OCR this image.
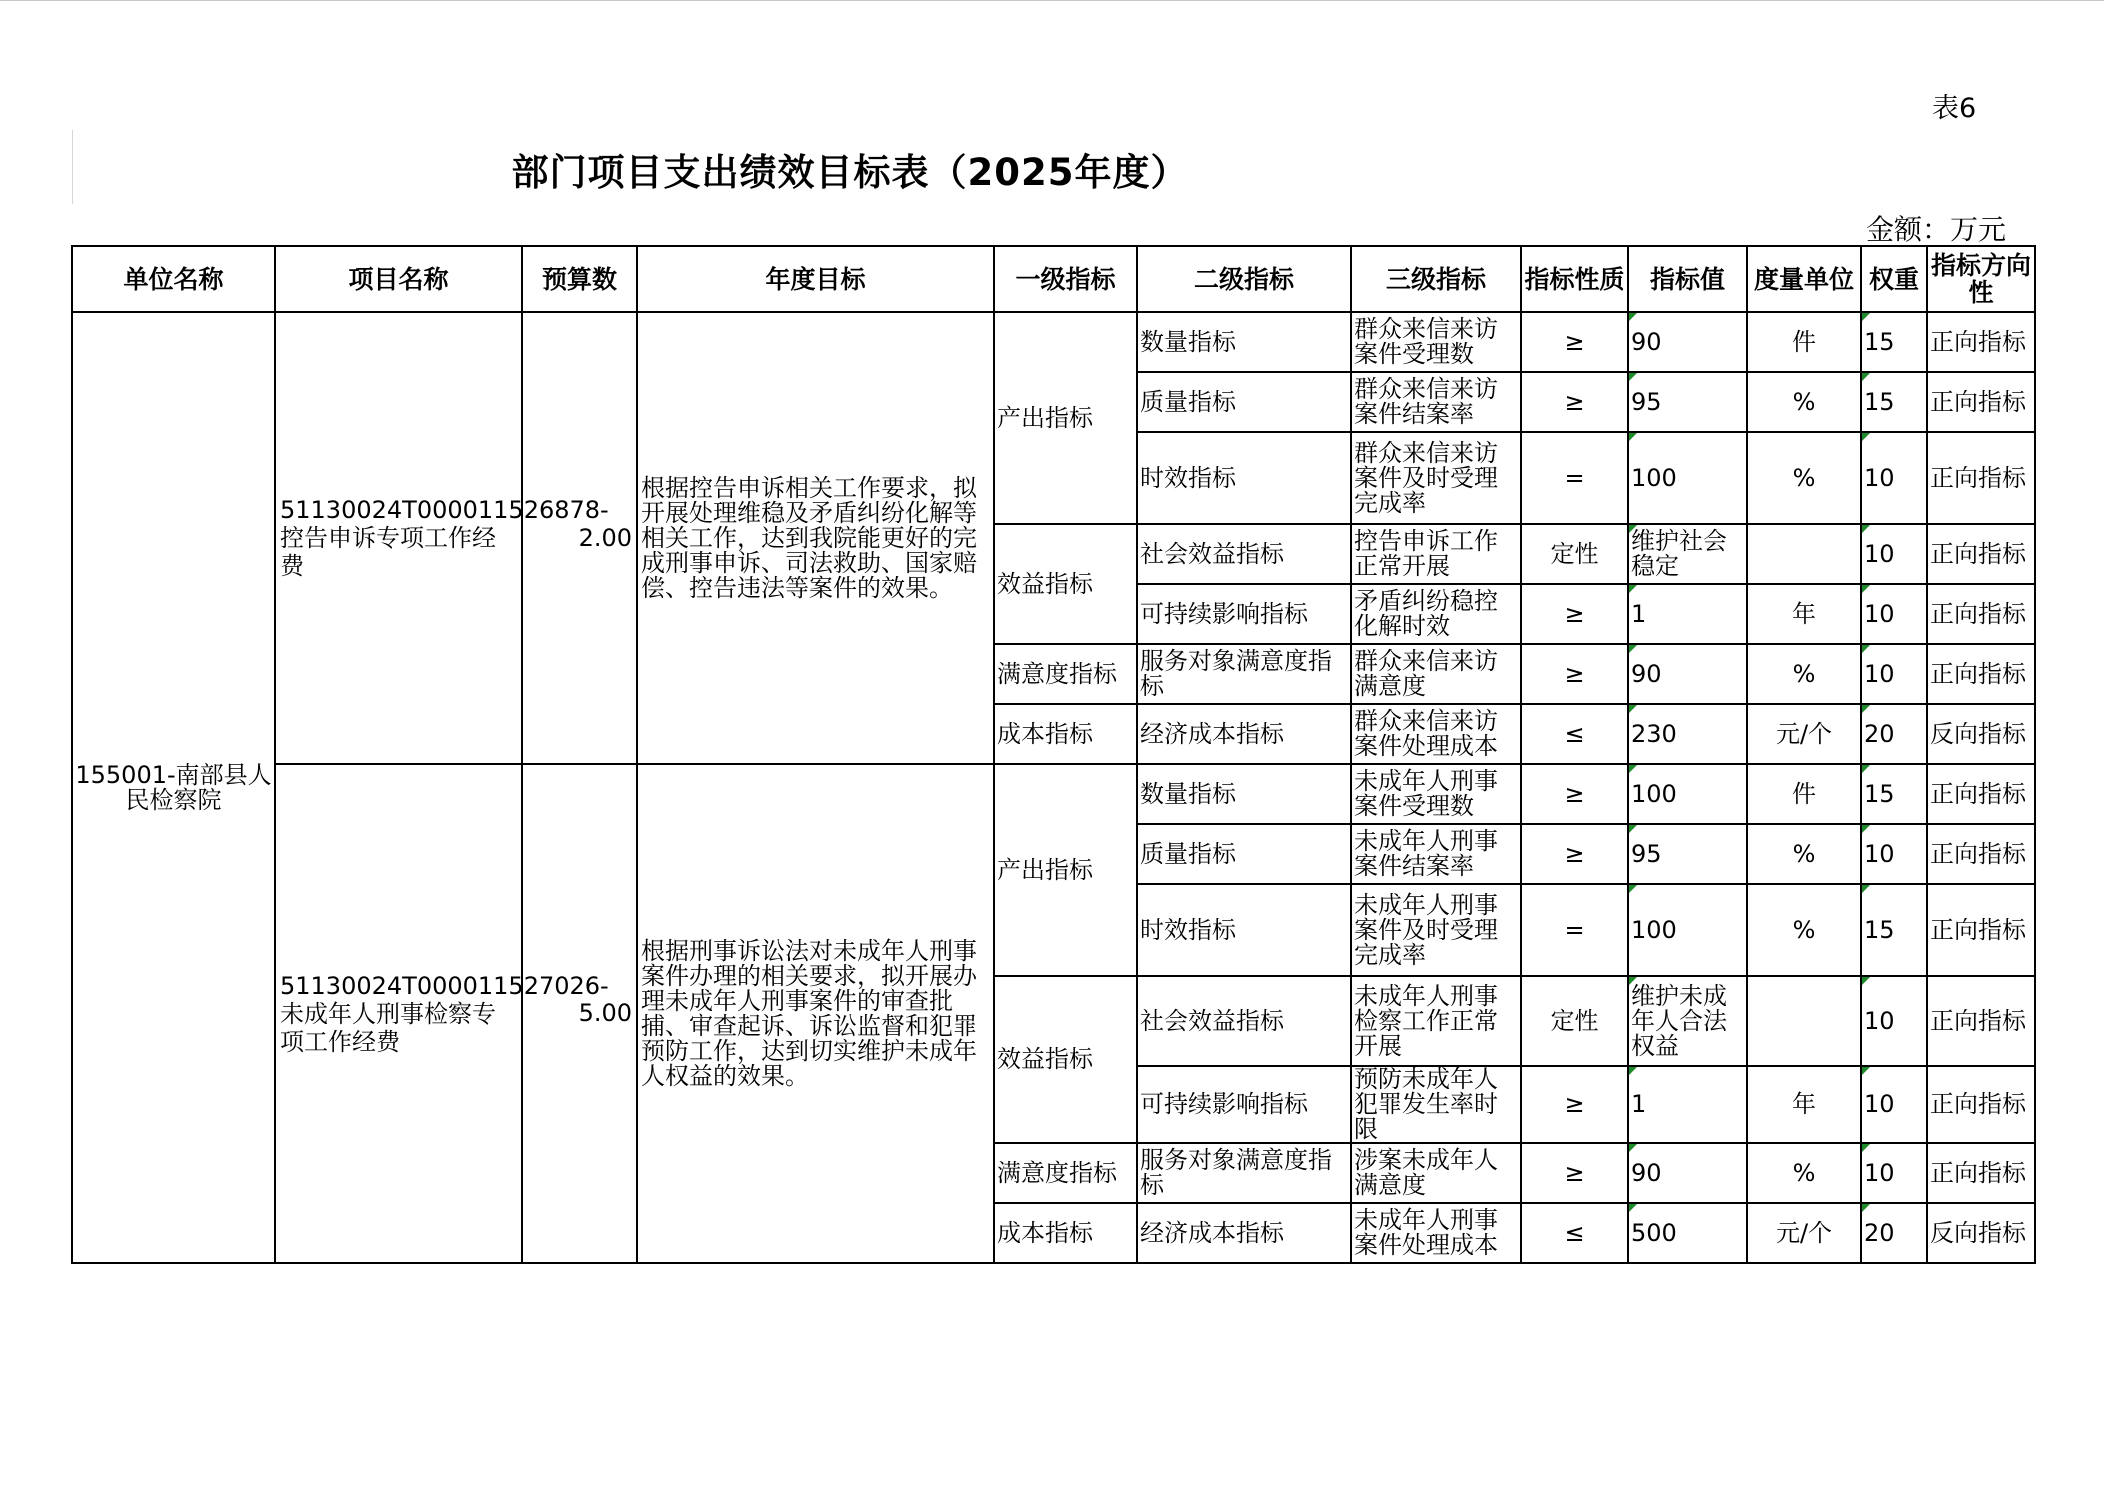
表6
部门项目支出绩效目标表（2025年度）
金额：万元
单位名称	项目名称	预算数	年度目标	一级指标	二级指标	三级指标	指标性质	指标值	度量单位	权重	指标方向性
155001-南部县人民检察院	51130024T000011526878-控告申诉专项工作经费	2.00	根据控告申诉相关工作要求，拟开展处理维稳及矛盾纠纷化解等相关工作，达到我院能更好的完成刑事申诉、司法救助、国家赔偿、控告违法等案件的效果。	产出指标	数量指标	群众来信来访案件受理数	≥	90	件	15	正向指标
					质量指标	群众来信来访案件结案率	≥	95	%	15	正向指标
					时效指标	群众来信来访案件及时受理完成率	=	100	%	10	正向指标
				效益指标	社会效益指标	控告申诉工作正常开展	定性	维护社会稳定		10	正向指标
					可持续影响指标	矛盾纠纷稳控化解时效	≥	1	年	10	正向指标
				满意度指标	服务对象满意度指标	群众来信来访满意度	≥	90	%	10	正向指标
				成本指标	经济成本指标	群众来信来访案件处理成本	≤	230	元/个	20	反向指标
	51130024T000011527026-未成年人刑事检察专项工作经费	5.00	根据刑事诉讼法对未成年人刑事案件办理的相关要求，拟开展办理未成年人刑事案件的审查批捕、审查起诉、诉讼监督和犯罪预防工作，达到切实维护未成年人权益的效果。	产出指标	数量指标	未成年人刑事案件受理数	≥	100	件	15	正向指标
					质量指标	未成年人刑事案件结案率	≥	95	%	10	正向指标
					时效指标	未成年人刑事案件及时受理完成率	=	100	%	15	正向指标
				效益指标	社会效益指标	未成年人刑事检察工作正常开展	定性	维护未成年人合法权益		10	正向指标
					可持续影响指标	预防未成年人犯罪发生率时限	≥	1	年	10	正向指标
				满意度指标	服务对象满意度指标	涉案未成年人满意度	≥	90	%	10	正向指标
				成本指标	经济成本指标	未成年人刑事案件处理成本	≤	500	元/个	20	反向指标
